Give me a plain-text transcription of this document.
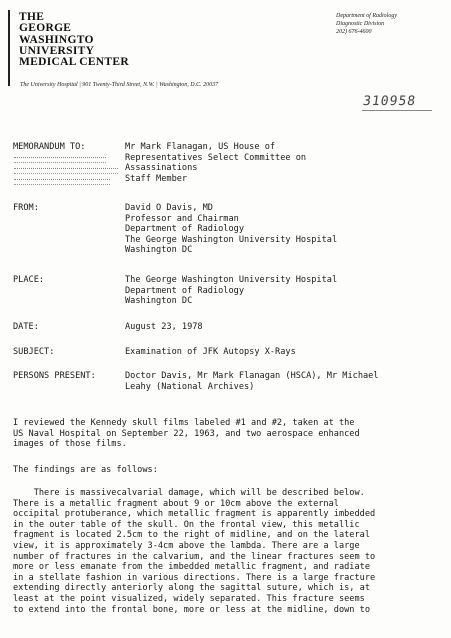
THE
GEORGE
WASHINGTO
UNIVERSITY
MEDICAL CENTER
Department of Radiology
Diagnostic Division
202) 676-4600
The University Hospital | 901 Twenty-Third Street, N.W. | Washington, D.C. 20037
310958
MEMORANDUM TO:	Mr Mark Flanagan, US House of
Representatives Select Committee on
Assassinations
Staff Member
FROM:	David O Davis, MD
Professor and Chairman
Department of Radiology
The George Washington University Hospital
Washington DC
PLACE:	The George Washington University Hospital
Department of Radiology
Washington DC
DATE:	August 23, 1978
SUBJECT:	Examination of JFK Autopsy X-Rays
PERSONS PRESENT:	Doctor Davis, Mr Mark Flanagan (HSCA), Mr Michael
Leahy (National Archives)
I reviewed the Kennedy skull films labeled #1 and #2, taken at the
US Naval Hospital on September 22, 1963, and two aerospace enhanced
images of those films.
The findings are as follows:
There is massivecalvarial damage, which will be described below.
There is a metallic fragment about 9 or 10cm above the external
occipital protuberance, which metallic fragment is apparently imbedded
in the outer table of the skull. On the frontal view, this metallic
fragment is located 2.5cm to the right of midline, and on the lateral
view, it is approximately 3-4cm above the lambda. There are a large
number of fractures in the calvarium, and the linear fractures seem to
more or less emanate from the imbedded metallic fragment, and radiate
in a stellate fashion in various directions. There is a large fracture
extending directly anteriorly along the sagittal suture, which is, at
least at the point visualized, widely separated. This fracture seems
to extend into the frontal bone, more or less at the midline, down to
